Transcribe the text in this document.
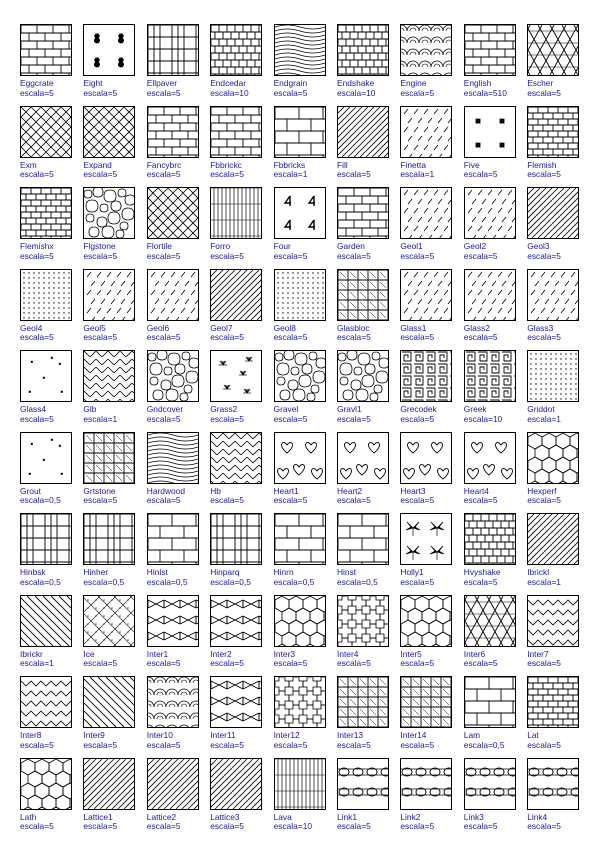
Eggcrate
escala=5
Eight
escala=5
Ellpaver
escala=5
Endcedar
escala=10
Endgrain
escala=5
Endshake
escala=10
Engine
escala=5
English
escala=510
Escher
escala=5
Exm
escala=5
Expand
escala=5
Fancybrc
escala=5
Fbbrickc
escala=5
Fbbricks
escala=1
Fill
escala=5
Finetta
escala=1
■ ■
■ ■
Five
escala=5
Flemish
escala=5
Flemishx
escala=5
Flgstone
escala=5
Flortile
escala=5
Forro
escala=5
Four
escala=5
Garden
escala=5
Geol1
escala=5
Geol2
escala=5
Geol3
escala=5
Geol4
escala=5
Geol5
escala=5
Geol6
escala=5
Geol7
escala=5
Geol8
escala=5
Glasbloc
escala=5
Glass1
escala=5
Glass2
escala=5
Glass3
escala=5
Glass4
escala=5
Glb
escala=1
Gndcover
escala=5
Grass2
escala=5
Gravel
escala=5
Gravl1
escala=5
Grecodek
escala=5
Greek
escala=10
Griddot
escala=1
Grout
escala=0,5
Grtstone
escala=5
Hardwood
escala=5
Hb
escala=5
Heart1
escala=5
Heart2
escala=5
Heart3
escala=5
Heart4
escala=5
Hexperf
escala=5
Hinbsk
escala=0,5
Hinher
escala=0,5
Hinlst
escala=0,5
Hinparq
escala=0,5
Hinrn
escala=0,5
Hinst
escala=0,5
Holly1
escala=5
Hvyshake
escala=5
Ibrickl
escala=1
Ibrickr
escala=1
Ice
escala=5
Inter1
escala=5
Inter2
escala=5
Inter3
escala=5
Inter4
escala=5
Inter5
escala=5
Inter6
escala=5
Inter7
escala=5
Inter8
escala=5
Inter9
escala=5
Inter10
escala=5
Inter11
escala=5
Inter12
escala=5
Inter13
escala=5
Inter14
escala=5
Lam
escala=0,5
Lat
escala=5
Lath
escala=5
Lattice1
escala=5
Lattice2
escala=5
Lattice3
escala=5
Lava
escala=10
Link1
escala=5
Link2
escala=5
Link3
escala=5
Link4
escala=5
